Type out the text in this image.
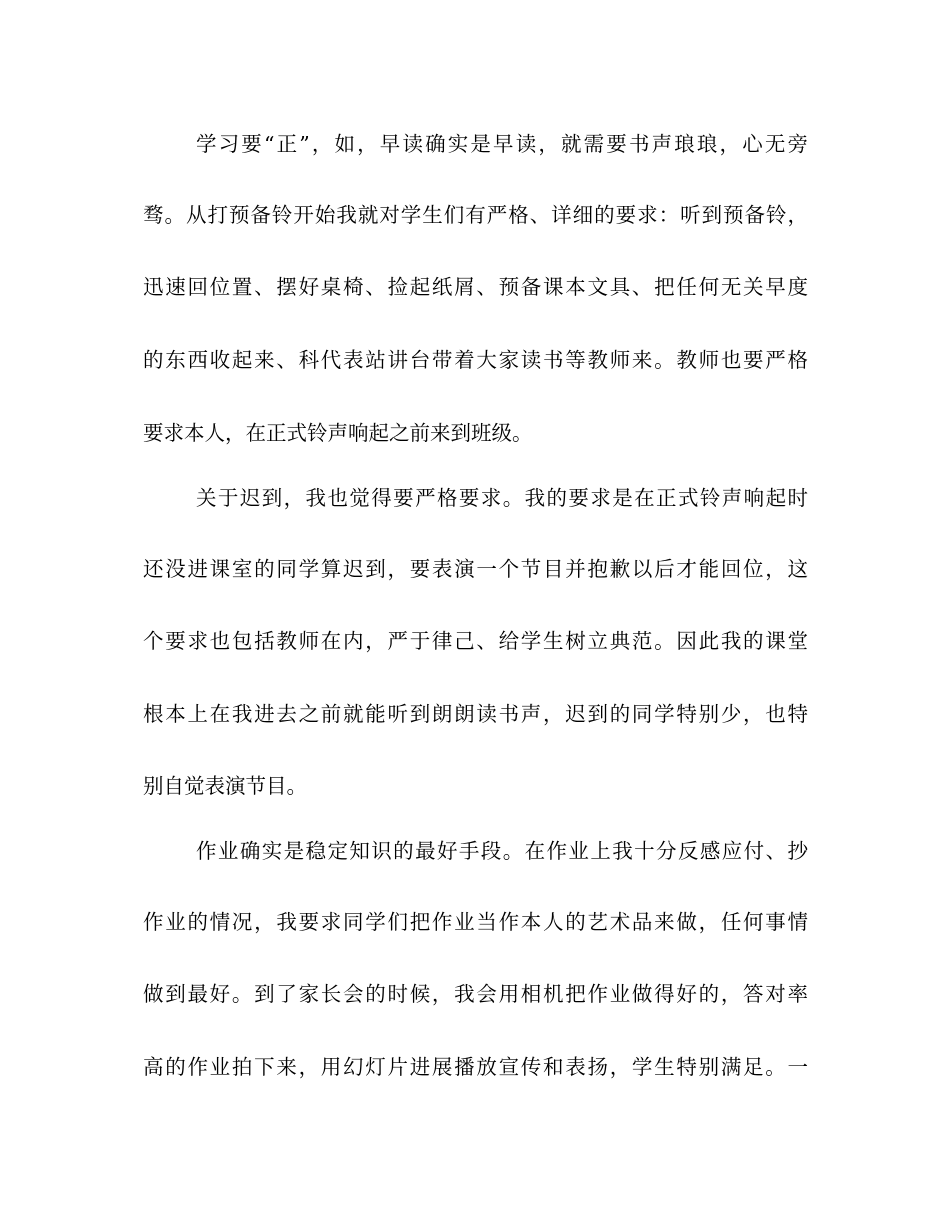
学习要“正”，如，早读确实是早读，就需要书声琅琅，心无旁

骛。从打预备铃开始我就对学生们有严格、详细的要求：听到预备铃，

迅速回位置、摆好桌椅、捡起纸屑、预备课本文具、把任何无关早度

的东西收起来、科代表站讲台带着大家读书等教师来。教师也要严格

要求本人，在正式铃声响起之前来到班级。

关于迟到，我也觉得要严格要求。我的要求是在正式铃声响起时

还没进课室的同学算迟到，要表演一个节目并抱歉以后才能回位，这

个要求也包括教师在内，严于律己、给学生树立典范。因此我的课堂

根本上在我进去之前就能听到朗朗读书声，迟到的同学特别少，也特

别自觉表演节目。

作业确实是稳定知识的最好手段。在作业上我十分反感应付、抄

作业的情况，我要求同学们把作业当作本人的艺术品来做，任何事情

做到最好。到了家长会的时候，我会用相机把作业做得好的，答对率

高的作业拍下来，用幻灯片进展播放宣传和表扬，学生特别满足。一
